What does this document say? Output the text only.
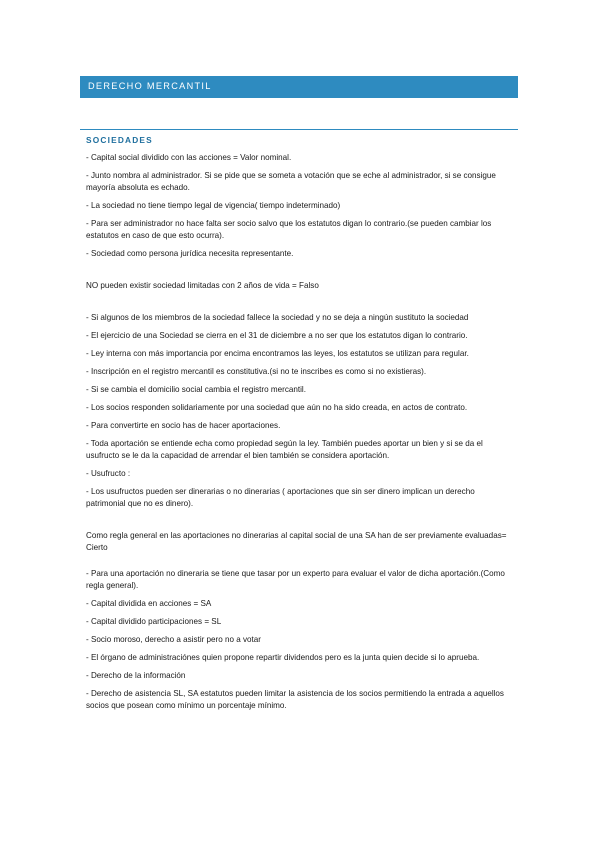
DERECHO MERCANTIL
SOCIEDADES

- Capital social dividido con las acciones = Valor nominal.

- Junto nombra al administrador. Si se pide que se someta a votación que se eche al administrador, si se consigue mayoría absoluta es echado.

- La sociedad no tiene tiempo legal de vigencia( tiempo indeterminado)

- Para ser administrador no hace falta ser socio salvo que los estatutos digan lo contrario.(se pueden cambiar los estatutos en caso de que esto ocurra).

- Sociedad como persona jurídica necesita representante.

NO pueden existir sociedad limitadas con 2 años de vida = Falso

- Si algunos de los miembros de la sociedad fallece la sociedad y no se deja a ningún sustituto la sociedad

- El ejercicio de una Sociedad se cierra en el 31 de diciembre a no ser que los estatutos digan lo contrario.

- Ley interna con más importancia por encima encontramos las leyes, los estatutos se utilizan para regular.

- Inscripción en el registro mercantil es constitutiva.(si no te inscribes es como si no existieras).

- Si se cambia el domicilio social cambia el registro mercantil.

- Los socios responden solidariamente por una sociedad que aún no ha sido creada, en actos de contrato.

- Para convertirte en socio has de hacer aportaciones.

- Toda aportación se entiende echa como propiedad según la ley. También puedes aportar un bien y si se da el usufructo se le da la capacidad de arrendar el bien también se considera aportación.

- Usufructo :

- Los usufructos pueden ser dinerarias o no dinerarias ( aportaciones que sin ser dinero implican un derecho patrimonial que no es dinero).

Como regla general en las aportaciones no dinerarias al capital social de una SA han de ser previamente evaluadas= Cierto

- Para una aportación no dineraria se tiene que tasar por un experto para evaluar el valor de dicha aportación.(Como regla general).

- Capital dividida en acciones = SA

- Capital dividido participaciones = SL

- Socio moroso, derecho a asistir pero no a votar

- El órgano de administraciónes quien propone repartir dividendos pero es la junta quien decide si lo aprueba.

- Derecho de la información

- Derecho de asistencia SL, SA estatutos pueden limitar la asistencia de los socios permitiendo la entrada a aquellos socios que posean como mínimo un porcentaje mínimo.
